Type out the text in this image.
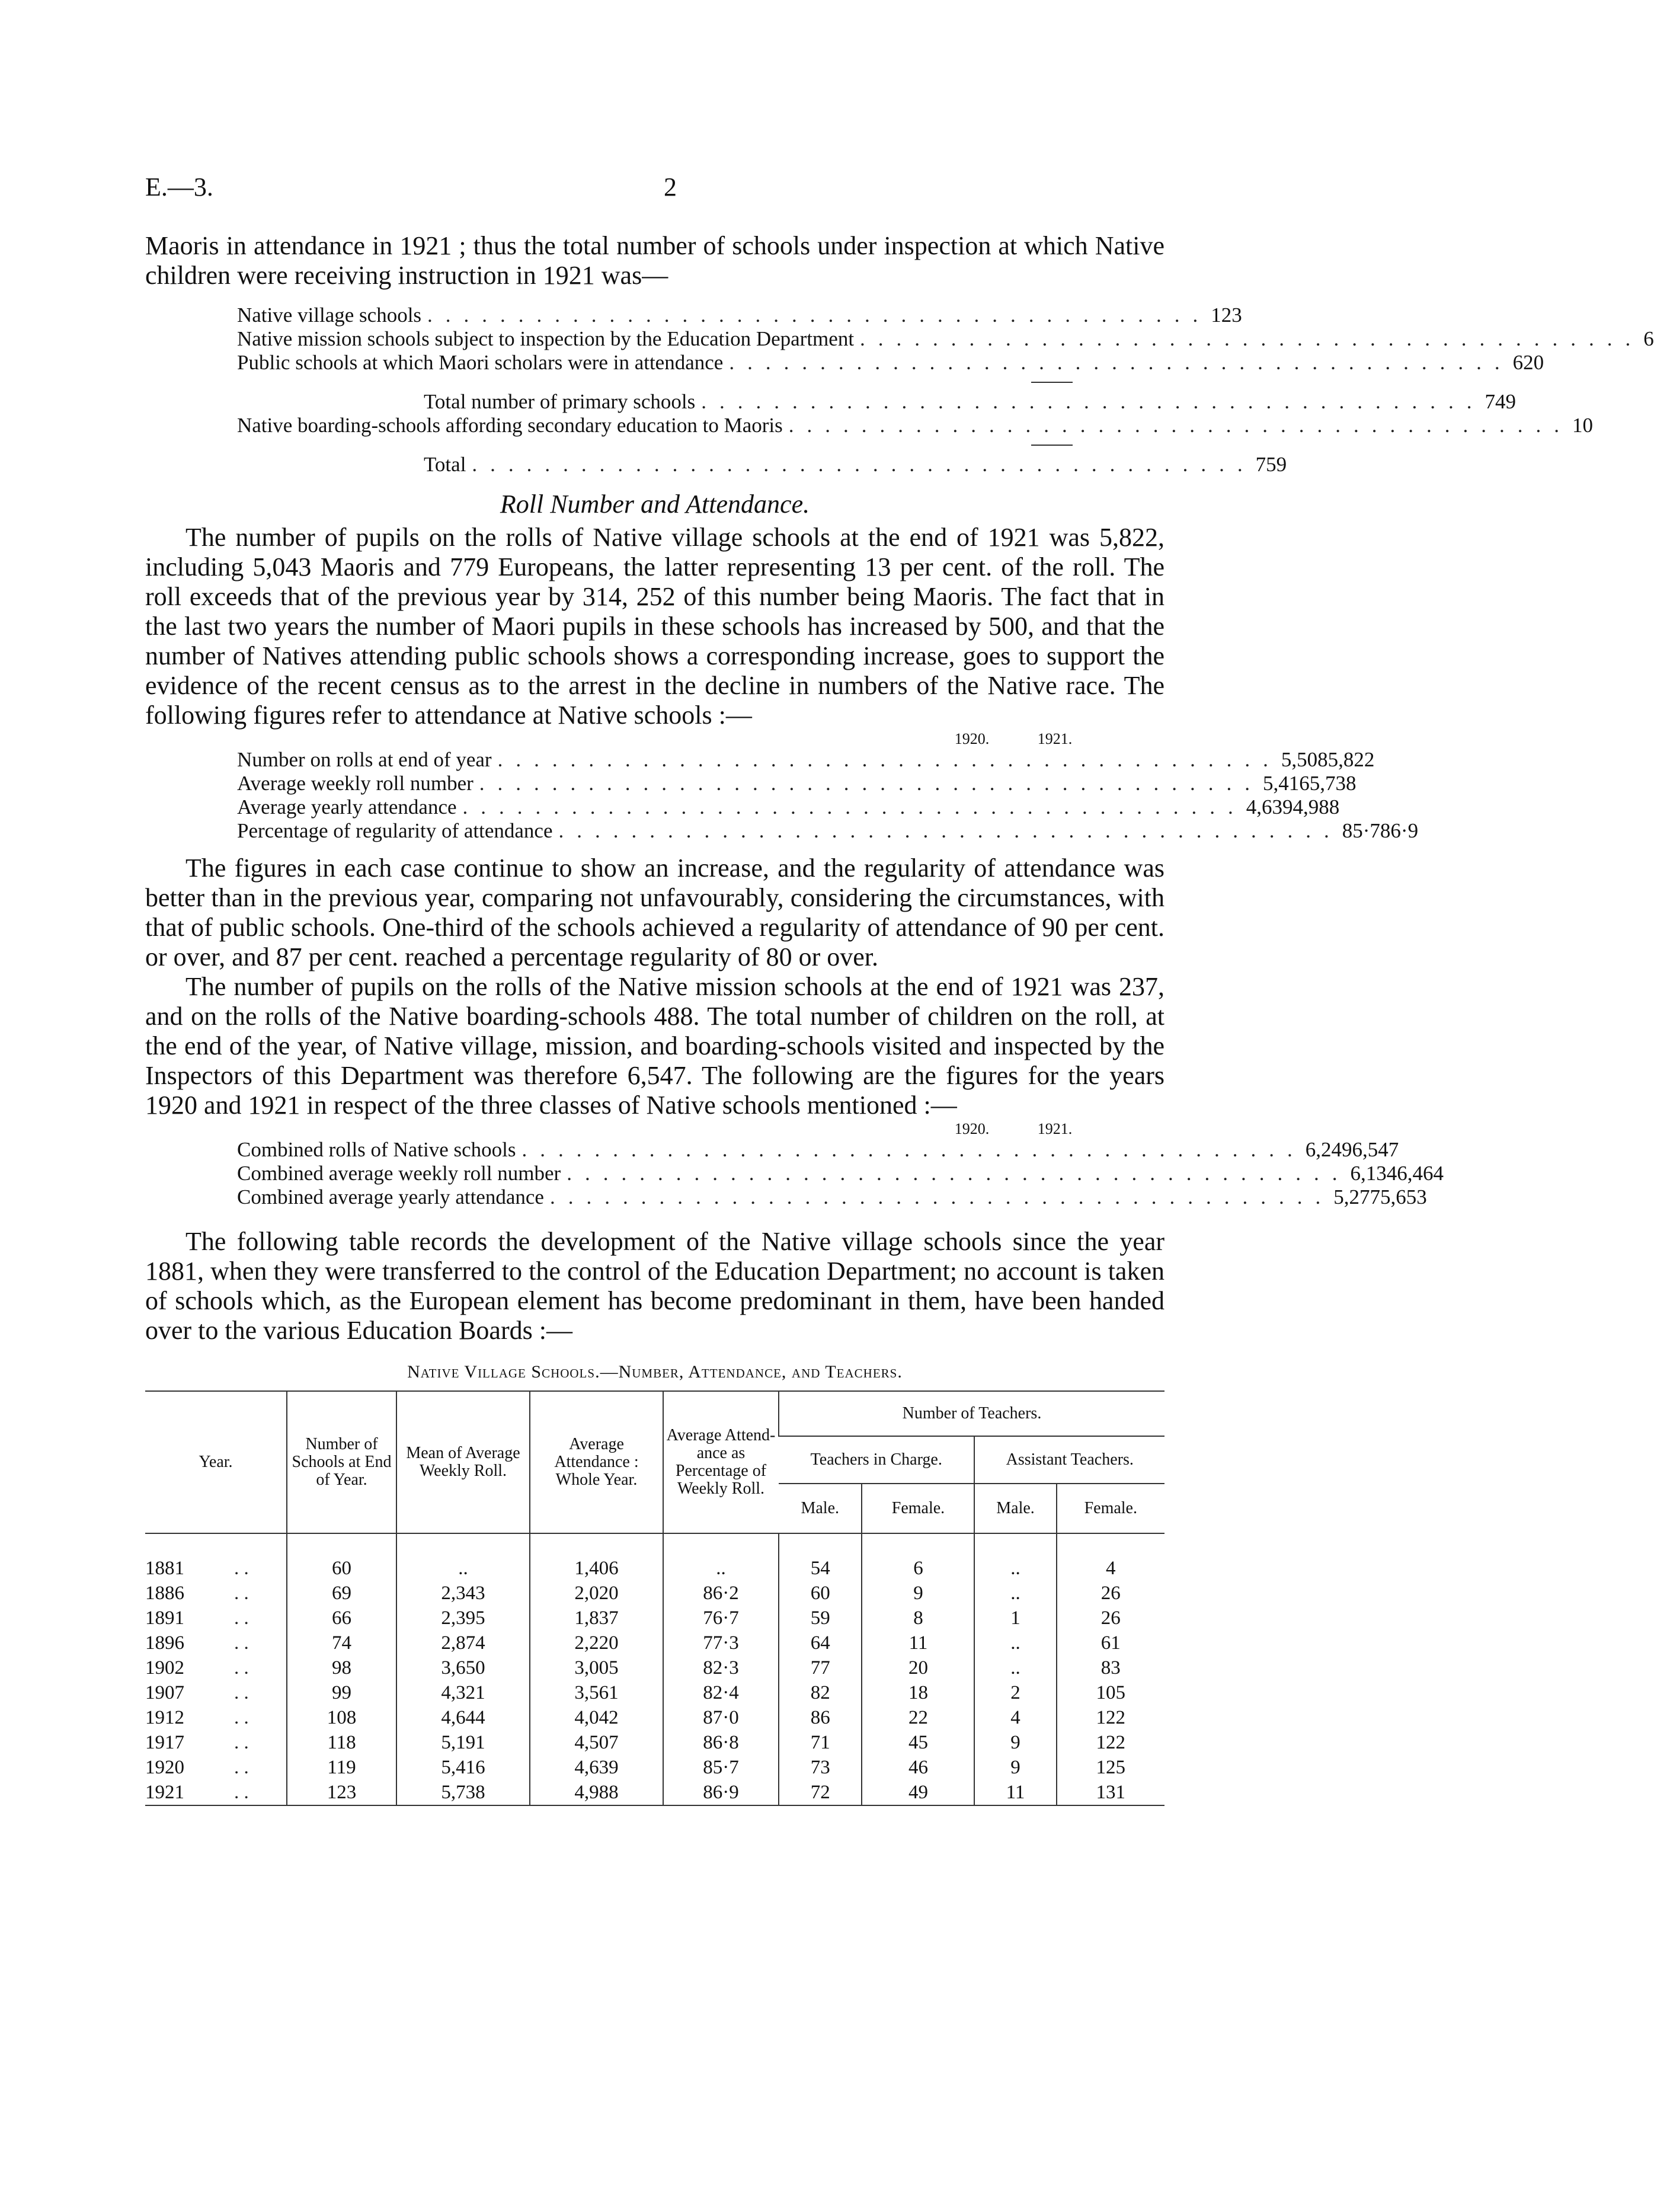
E.—3.	2

Maoris in attendance in 1921 ; thus the total number of schools under inspection at which Native children were receiving instruction in 1921 was—

Native village schools ........................................... 123
Native mission schools subject to inspection by the Education Department ........................................... 6
Public schools at which Maori scholars were in attendance ........................................... 620
Total number of primary schools ........................................... 749
Native boarding-schools affording secondary education to Maoris ........................................... 10
Total ........................................... 759
Roll Number and Attendance.

The number of pupils on the rolls of Native village schools at the end of 1921 was 5,822, including 5,043 Maoris and 779 Europeans, the latter representing 13 per cent. of the roll. The roll exceeds that of the previous year by 314, 252 of this number being Maoris. The fact that in the last two years the number of Maori pupils in these schools has increased by 500, and that the number of Natives attending public schools shows a corresponding increase, goes to support the evidence of the recent census as to the arrest in the decline in numbers of the Native race. The following figures refer to attendance at Native schools :—

1920.	1921.
Number on rolls at end of year ........................................... 5,508 5,822
Average weekly roll number ........................................... 5,416 5,738
Average yearly attendance ........................................... 4,639 4,988
Percentage of regularity of attendance ........................................... 85·7 86·9

The figures in each case continue to show an increase, and the regularity of attendance was better than in the previous year, comparing not unfavourably, considering the circumstances, with that of public schools. One-third of the schools achieved a regularity of attendance of 90 per cent. or over, and 87 per cent. reached a percentage regularity of 80 or over.

The number of pupils on the rolls of the Native mission schools at the end of 1921 was 237, and on the rolls of the Native boarding-schools 488. The total number of children on the roll, at the end of the year, of Native village, mission, and boarding-schools visited and inspected by the Inspectors of this Department was therefore 6,547. The following are the figures for the years 1920 and 1921 in respect of the three classes of Native schools mentioned :—

1920.	1921.
Combined rolls of Native schools ........................................... 6,249 6,547
Combined average weekly roll number ........................................... 6,134 6,464
Combined average yearly attendance ........................................... 5,277 5,653

The following table records the development of the Native village schools since the year 1881, when they were transferred to the control of the Education Department; no account is taken of schools which, as the European element has become predominant in them, have been handed over to the various Education Boards :—

Native Village Schools.—Number, Attendance, and Teachers.
Year.	Number of Schools at End of Year.	Mean of Average Weekly Roll.	Average Attendance : Whole Year.	Average Attend- ance as Percentage of Weekly Roll.	Number of Teachers.			
					Teachers in Charge.		Assistant Teachers.	
					Male.	Female.	Male.	Female.
1881 . .	60	..	1,406	..	54	6	..	4
1886 . .	69	2,343	2,020	86·2	60	9	..	26
1891 . .	66	2,395	1,837	76·7	59	8	1	26
1896 . .	74	2,874	2,220	77·3	64	11	..	61
1902 . .	98	3,650	3,005	82·3	77	20	..	83
1907 . .	99	4,321	3,561	82·4	82	18	2	105
1912 . .	108	4,644	4,042	87·0	86	22	4	122
1917 . .	118	5,191	4,507	86·8	71	45	9	122
1920 . .	119	5,416	4,639	85·7	73	46	9	125
1921 . .	123	5,738	4,988	86·9	72	49	11	131
